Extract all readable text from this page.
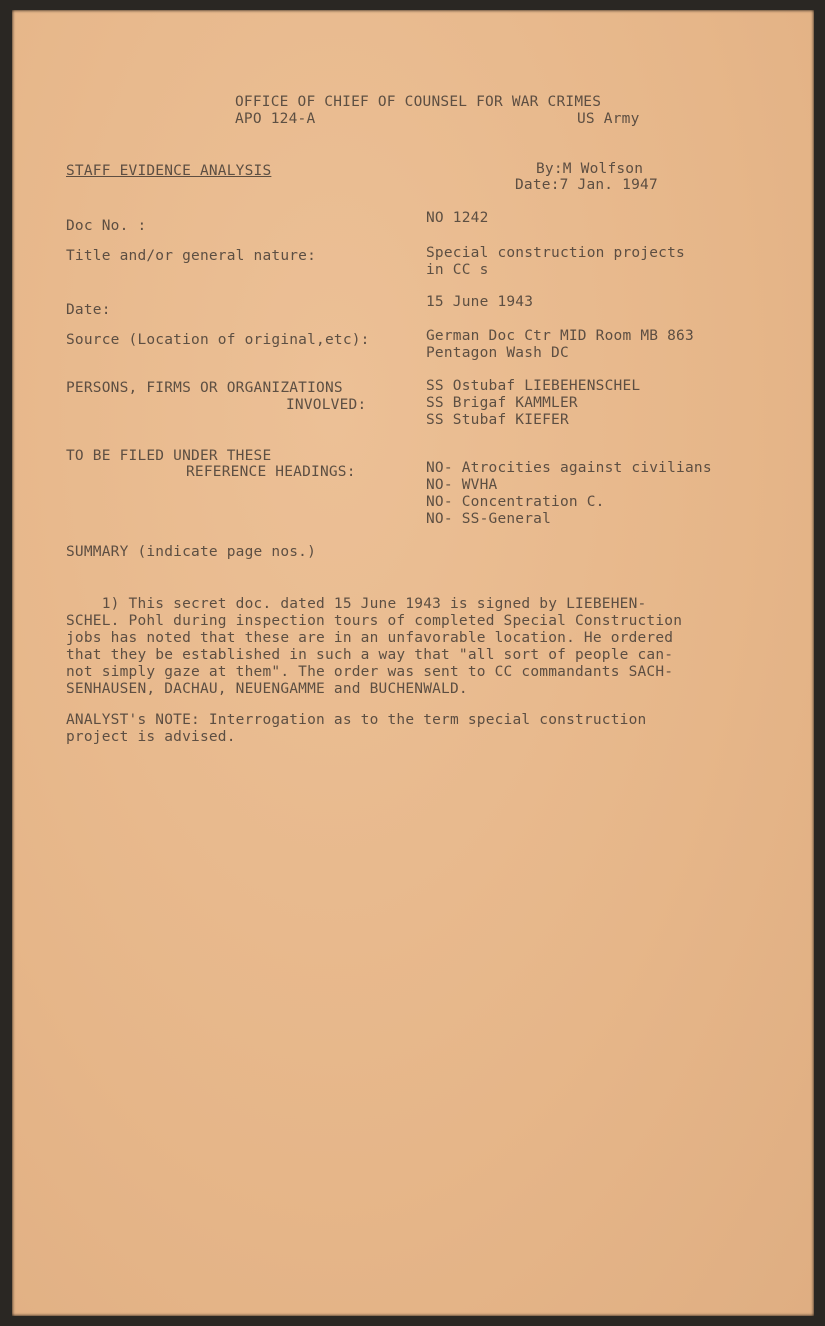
OFFICE OF CHIEF OF COUNSEL FOR WAR CRIMES
APO 124-A	US Army
STAFF EVIDENCE ANALYSIS	By:M Wolfson
Date:7 Jan. 1947
Doc No. :	NO 1242
Title and/or general nature:	Special construction projects
in CC s
Date:	15 June 1943
Source (Location of original,etc):	German Doc Ctr MID Room MB 863
Pentagon Wash DC
PERSONS, FIRMS OR ORGANIZATIONS
INVOLVED:
SS Ostubaf LIEBEHENSCHEL
SS Brigaf KAMMLER
SS Stubaf KIEFER
TO BE FILED UNDER THESE
REFERENCE HEADINGS:	NO- Atrocities against civilians
NO- WVHA
NO- Concentration C.
NO- SS-General
SUMMARY (indicate page nos.)
1) This secret doc. dated 15 June 1943 is signed by LIEBEHEN-
SCHEL. Pohl during inspection tours of completed Special Construction
jobs has noted that these are in an unfavorable location. He ordered
that they be established in such a way that "all sort of people can-
not simply gaze at them". The order was sent to CC commandants SACH-
SENHAUSEN, DACHAU, NEUENGAMME and BUCHENWALD.
ANALYST's NOTE: Interrogation as to the term special construction
project is advised.
